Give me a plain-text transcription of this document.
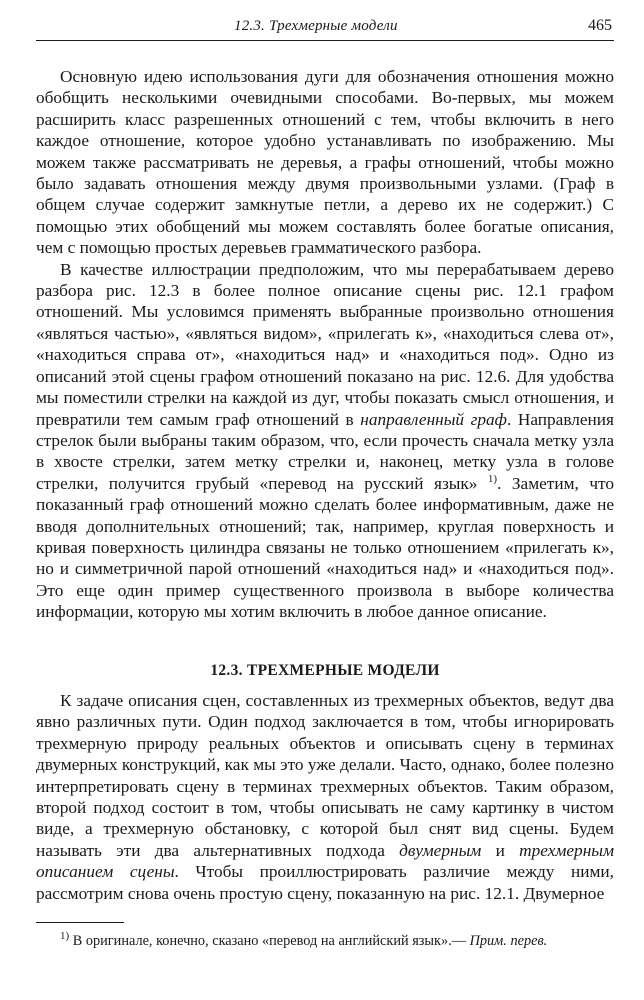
12.3. Трехмерные модели	465

Основную идею использования дуги для обозначения отношения можно обобщить несколькими очевидными способами. Во-первых, мы можем расширить класс разрешенных отношений с тем, чтобы включить в него каждое отношение, которое удобно устанавливать по изображению. Мы можем также рассматривать не деревья, а графы отношений, чтобы можно было задавать отношения между двумя произвольными узлами. (Граф в общем случае содержит замкнутые петли, а дерево их не содержит.) С помощью этих обобщений мы можем составлять более богатые описания, чем с помощью простых деревьев грамматического разбора.

В качестве иллюстрации предположим, что мы перерабатываем дерево разбора рис. 12.3 в более полное описание сцены рис. 12.1 графом отношений. Мы условимся применять выбранные произвольно отношения «являться частью», «являться видом», «прилегать к», «находиться слева от», «находиться справа от», «находиться над» и «находиться под». Одно из описаний этой сцены графом отношений показано на рис. 12.6. Для удобства мы поместили стрелки на каждой из дуг, чтобы показать смысл отношения, и превратили тем самым граф отношений в направленный граф. Направления стрелок были выбраны таким образом, что, если прочесть сначала метку узла в хвосте стрелки, затем метку стрелки и, наконец, метку узла в голове стрелки, получится грубый «перевод на русский язык» $^{1)}$. Заметим, что показанный граф отношений можно сделать более информативным, даже не вводя дополнительных отношений; так, например, круглая поверхность и кривая поверхность цилиндра связаны не только отношением «прилегать к», но и симметричной парой отношений «находиться над» и «находиться под». Это еще один пример существенного произвола в выборе количества информации, которую мы хотим включить в любое данное описание.

12.3. ТРЕХМЕРНЫЕ МОДЕЛИ

К задаче описания сцен, составленных из трехмерных объектов, ведут два явно различных пути. Один подход заключается в том, чтобы игнорировать трехмерную природу реальных объектов и описывать сцену в терминах двумерных конструкций, как мы это уже делали. Часто, однако, более полезно интерпретировать сцену в терминах трехмерных объектов. Таким образом, второй подход состоит в том, чтобы описывать не саму картинку в чистом виде, а трехмерную обстановку, с которой был снят вид сцены. Будем называть эти два альтернативных подхода двумерным и трехмерным описанием сцены. Чтобы проиллюстрировать различие между ними, рассмотрим снова очень простую сцену, показанную на рис. 12.1. Двумерное

$^{1)}$ В оригинале, конечно, сказано «перевод на английский язык».— Прим. перев.
